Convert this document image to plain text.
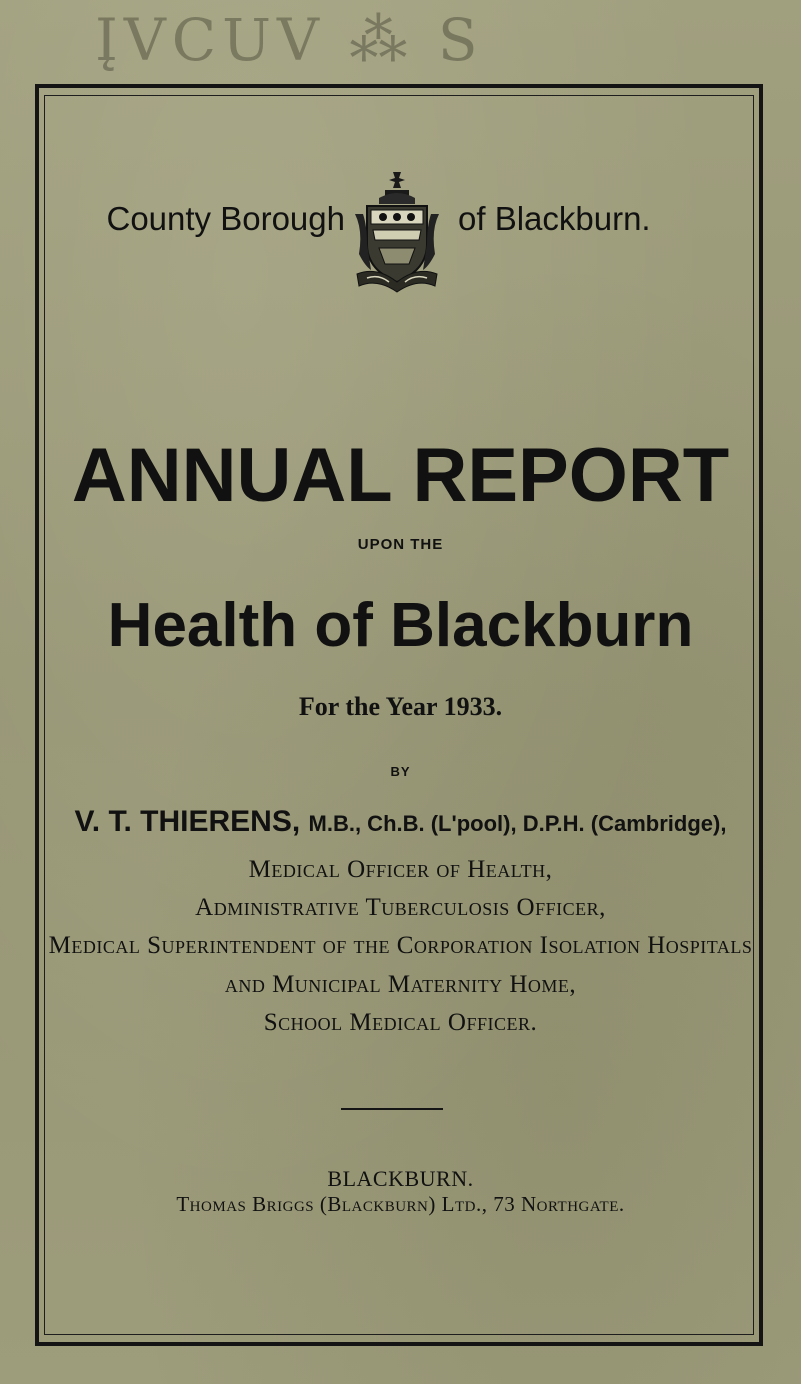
ĮVCUV ⁂ S
County Borough	of Blackburn.
ANNUAL REPORT
UPON THE
Health of Blackburn
For the Year 1933.
BY
V. T. THIERENS, M.B., Ch.B. (L'pool), D.P.H. (Cambridge),
Medical Officer of Health,
Administrative Tuberculosis Officer,
Medical Superintendent of the Corporation Isolation Hospitals
and Municipal Maternity Home,
School Medical Officer.
BLACKBURN.
Thomas Briggs (Blackburn) Ltd., 73 Northgate.
